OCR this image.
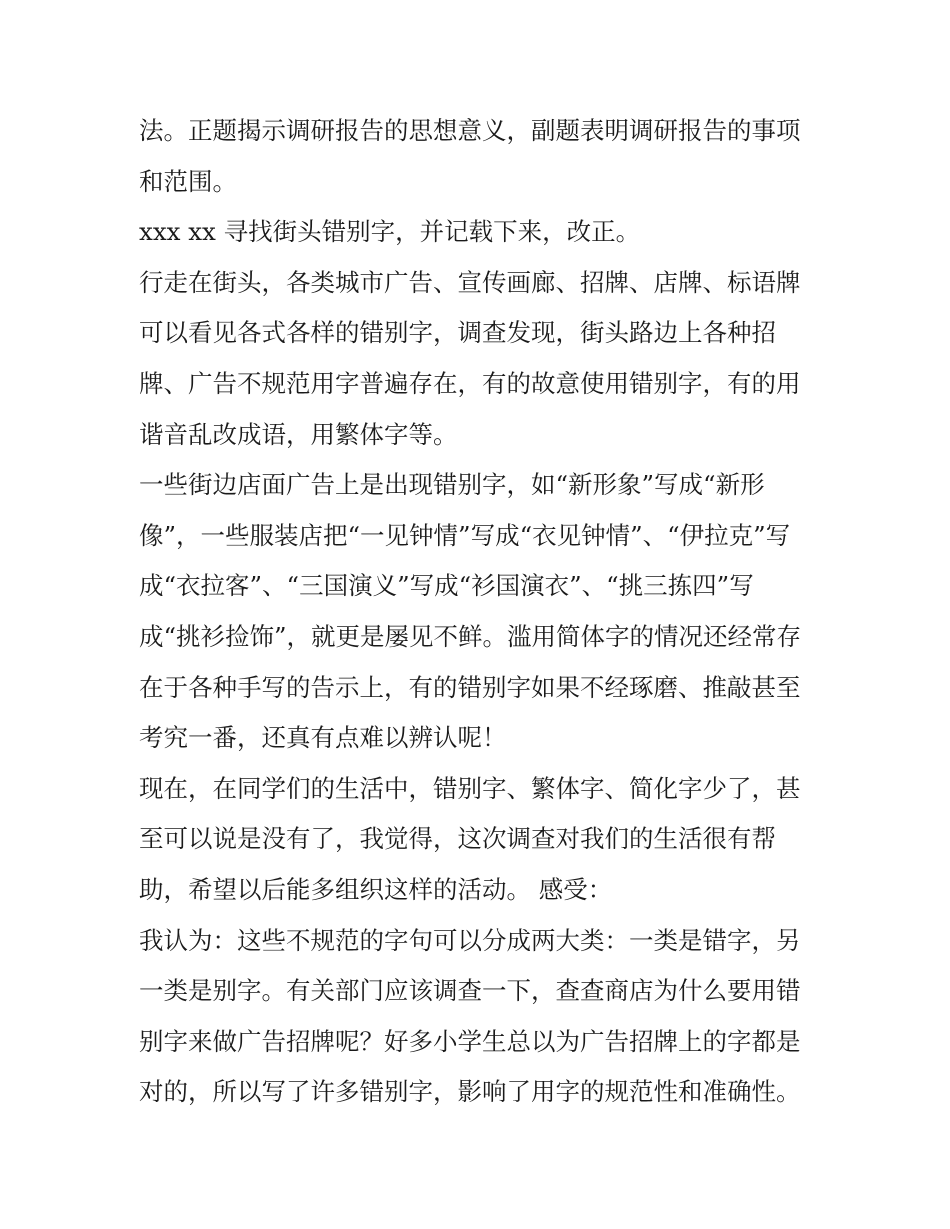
法。正题揭示调研报告的思想意义，副题表明调研报告的事项
和范围。
xxx xx 寻找街头错别字，并记载下来，改正。
行走在街头，各类城市广告、宣传画廊、招牌、店牌、标语牌
可以看见各式各样的错别字，调查发现，街头路边上各种招
牌、广告不规范用字普遍存在，有的故意使用错别字，有的用
谐音乱改成语，用繁体字等。
一些街边店面广告上是出现错别字，如“新形象”写成“新形
像”，一些服装店把“一见钟情”写成“衣见钟情”、“伊拉克”写
成“衣拉客”、“三国演义”写成“衫国演衣”、“挑三拣四”写
成“挑衫捡饰”，就更是屡见不鲜。滥用简体字的情况还经常存
在于各种手写的告示上，有的错别字如果不经琢磨、推敲甚至
考究一番，还真有点难以辨认呢！
现在，在同学们的生活中，错别字、繁体字、简化字少了，甚
至可以说是没有了，我觉得，这次调查对我们的生活很有帮
助，希望以后能多组织这样的活动。 感受：
我认为：这些不规范的字句可以分成两大类：一类是错字，另
一类是别字。有关部门应该调查一下，查查商店为什么要用错
别字来做广告招牌呢？好多小学生总以为广告招牌上的字都是
对的，所以写了许多错别字，影响了用字的规范性和准确性。
